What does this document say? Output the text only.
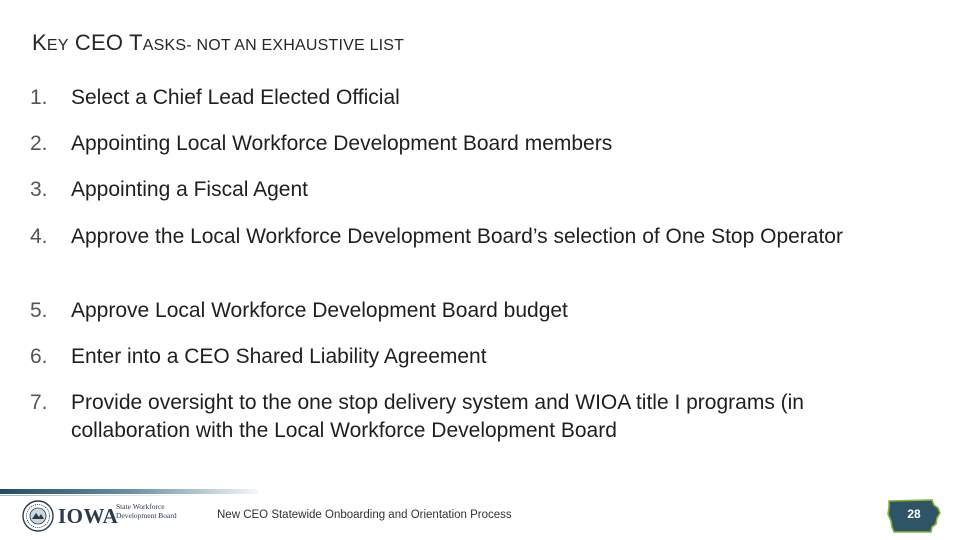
KEY CEO TASKS- NOT AN EXHAUSTIVE LIST
1.	Select a Chief Lead Elected Official
2.	Appointing Local Workforce Development Board members
3.	Appointing a Fiscal Agent
4.	Approve the Local Workforce Development Board’s selection of One Stop Operator
5.	Approve Local Workforce Development Board budget
6.	Enter into a CEO Shared Liability Agreement
7.	Provide oversight to the one stop delivery system and WIOA title I programs (in collaboration with the Local Workforce Development Board
IOWA
State Workforce Development Board	New CEO Statewide Onboarding and Orientation Process	28
